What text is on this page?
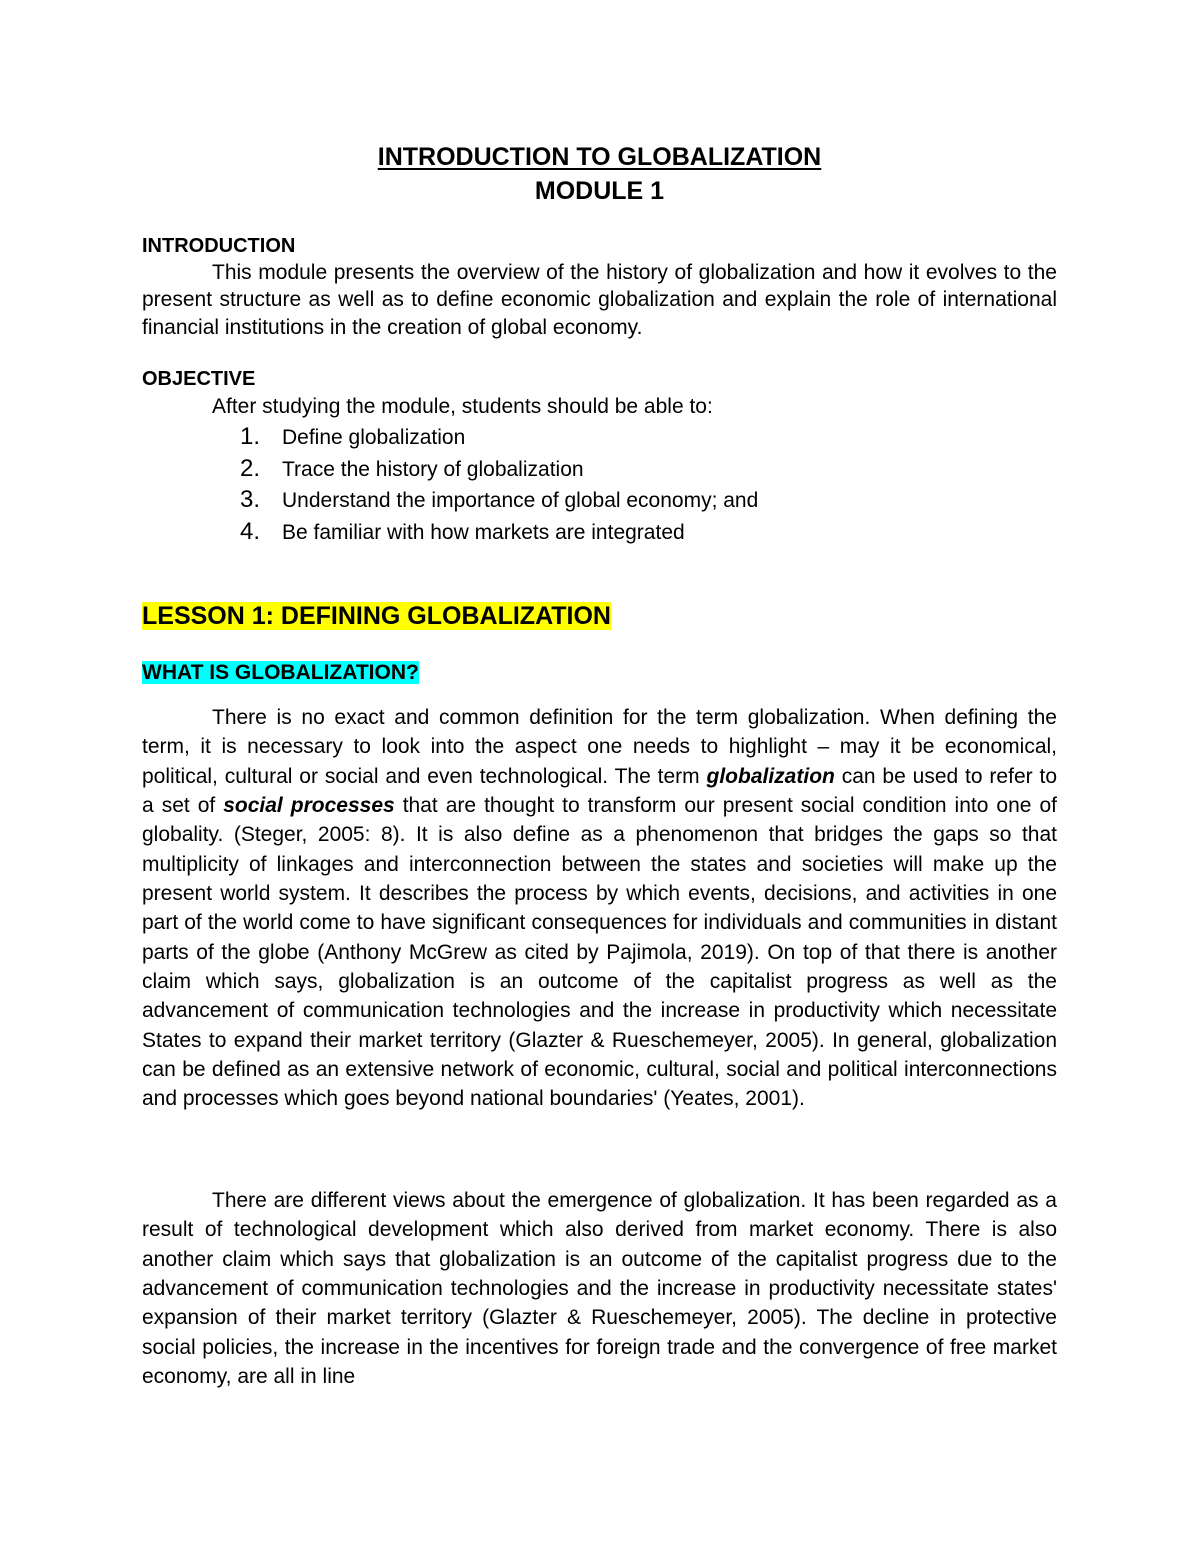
INTRODUCTION TO GLOBALIZATION
MODULE 1
INTRODUCTION

This module presents the overview of the history of globalization and how it evolves to the present structure as well as to define economic globalization and explain the role of international financial institutions in the creation of global economy.

OBJECTIVE
After studying the module, students should be able to:
1. Define globalization
2. Trace the history of globalization
3. Understand the importance of global economy; and
4. Be familiar with how markets are integrated
LESSON 1: DEFINING GLOBALIZATION
WHAT IS GLOBALIZATION?

There is no exact and common definition for the term globalization. When defining the term, it is necessary to look into the aspect one needs to highlight – may it be economical, political, cultural or social and even technological. The term globalization can be used to refer to a set of social processes that are thought to transform our present social condition into one of globality. (Steger, 2005: 8). It is also define as a phenomenon that bridges the gaps so that multiplicity of linkages and interconnection between the states and societies will make up the present world system. It describes the process by which events, decisions, and activities in one part of the world come to have significant consequences for individuals and communities in distant parts of the globe (Anthony McGrew as cited by Pajimola, 2019). On top of that there is another claim which says, globalization is an outcome of the capitalist progress as well as the advancement of communication technologies and the increase in productivity which necessitate States to expand their market territory (Glazter & Rueschemeyer, 2005). In general, globalization can be defined as an extensive network of economic, cultural, social and political interconnections and processes which goes beyond national boundaries' (Yeates, 2001).

There are different views about the emergence of globalization. It has been regarded as a result of technological development which also derived from market economy. There is also another claim which says that globalization is an outcome of the capitalist progress due to the advancement of communication technologies and the increase in productivity necessitate states' expansion of their market territory (Glazter & Rueschemeyer, 2005). The decline in protective social policies, the increase in the incentives for foreign trade and the convergence of free market economy, are all in line
